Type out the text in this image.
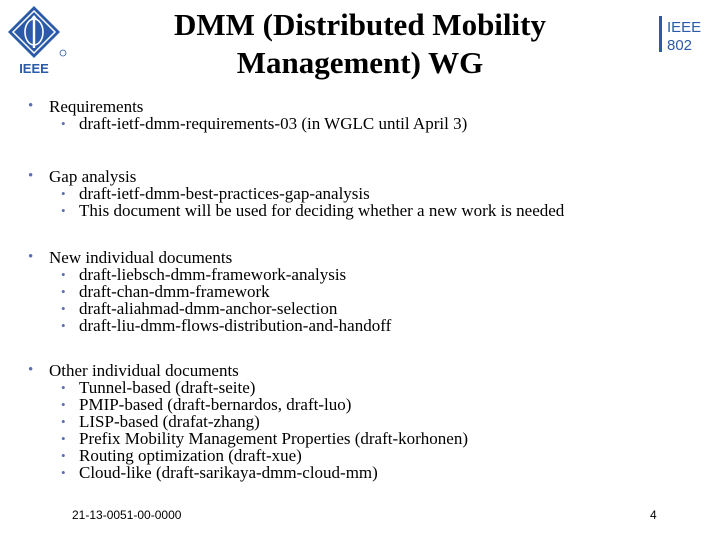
IEEE
IEEE
802
DMM (Distributed Mobility
Management) WG
• Requirements
• draft-ietf-dmm-requirements-03 (in WGLC until April 3)
• Gap analysis
• draft-ietf-dmm-best-practices-gap-analysis
• This document will be used for deciding whether a new work is needed
• New individual documents
• draft-liebsch-dmm-framework-analysis
• draft-chan-dmm-framework
• draft-aliahmad-dmm-anchor-selection
• draft-liu-dmm-flows-distribution-and-handoff
• Other individual documents
• Tunnel-based (draft-seite)
• PMIP-based (draft-bernardos, draft-luo)
• LISP-based (drafat-zhang)
• Prefix Mobility Management Properties (draft-korhonen)
• Routing optimization (draft-xue)
• Cloud-like (draft-sarikaya-dmm-cloud-mm)
21-13-0051-00-0000	4
